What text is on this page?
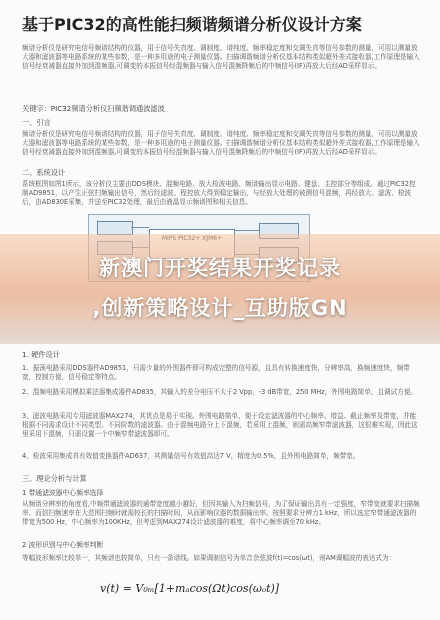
基于PIC32的高性能扫频谐频谱分析仪设计方案
频谱分析仪是研究电信号频谱结构的仪器，用于信号失真度、调制度、谱纯度、频率稳定度和交调失真等信号参数的测量，可用以测量放大器和滤波器等电路系统的某些参数，是一种多用途的电子测量仪器。扫描调谐频谱分析仪基本结构类似超外差式接收器,工作原理是输入信号经衰减器直接外加到混频器,可调变的本振信号经混频器与输入信号混频降频后的中频信号(IF)再放大后经AD采样显示。
关键字：PIC32频谱分析仪扫频谐调通波滤波
一、引言
频谱分析仪是研究电信号频谱结构的仪器，用于信号失真度、调制度、谱纯度、频率稳定度和交调失真等信号参数的测量，可用以测量放大器和滤波器等电路系统的某些参数，是一种多用途的电子测量仪器。扫描调谐频谱分析仪基本结构类似超外差式接收器,工作原理是输入信号经衰减器直接外加到混频器,可调变的本振信号经混频器与输入信号混频降频后的中频信号(IF)再放大后经AD采样显示。
二、系统设计
系统框图如图1所示，该分析仪主要由DDS模块、混频电路、放大检波电路、频谱输出显示电路、键盘、主控部分等组成。通过PIC32控制AD9851，以产生正弦扫频输出信号，然后经滤波、程控放大得到稳定输出，与经放大处理的被测信号混频，再经放大、滤波、检波后，由AD830E采集，并送至PIC32处理，最后由液晶显示频谱图和相关信息。
新澳门开奖结果开奖记录
,创新策略设计_互助版GN
1. 硬件设计
1、振荡电路采用DDS器件AD9851，只需少量的外围器件即可构成完整的信号源，且具有转换速度快，分辨率高，换频速度快，频带宽，控制方便，信号稳定等特点。
2、混频电路采用模拟乘法器集成器件AD835，其输入的差分电压不大于2 Vpp，-3 dB带宽，250 MHz，外围电路简单，且调试方便。
3、滤波电路采用专用滤波器MAX274，其优点是易于实现。外围电路简单，便于设定滤波器的中心频率、增益、截止频率及带宽，并能根据不同需求设计不同类型。不同阶数的滤波器。由于混频电路分上下混频，若采用上混频，则需高频窄带滤波器，这很难实现，因此这里采用下混频，只需设置一个中频窄带滤波器即可。
4、检波采用集成真有效值变换器件AD637，其测量信号有效值高达7 V，精度为0.5%，且外围电路简单，频带宽。
三、理论分析与计算
1 带通滤波器中心频率选择
从频谱分辨率的角度看,中频带通滤波器的通带宽度越小越好，但因其输入为扫频信号，为了保证输出具有一定强度，窄带宽就要求扫描频率、而信扫频速率在大范围扫频时就需较长的扫描时间，从而影响仪器的数据输出率。按照要求分辨力1 kHz，所以选定窄带通滤波器的带宽为500 Hz，中心频率为100KHz，但考虑到MAX274设计滤波器的难度，将中心频率调至70 kHz。
2 波形识别与中心频率判断
等幅波形频率比较单一，其频谱也较简单，只有一条谱线。如果调制信号为单音余弦波f(t)=cos(ωt)，则AM调幅波的表达式为：
v(t) = V₀ₘ[1+mₐcos(Ωt)cos(ωₒt)]
